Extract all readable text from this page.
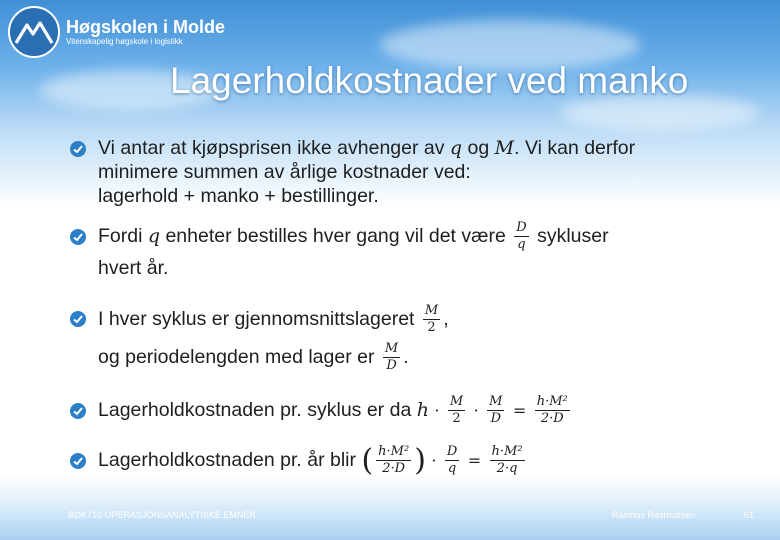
Høgskolen i Molde
Vitenskapelig høgskole i logistikk
Lagerholdkostnader ved manko
Vi antar at kjøpsprisen ikke avhenger av q og M. Vi kan derfor
minimere summen av årlige kostnader ved:
lagerhold + manko + bestillinger.
Fordi q enheter bestilles hver gang vil det være $\frac{D}{q}$ sykluser
hvert år.
I hver syklus er gjennomsnittslageret $\frac{M}{2}$ ,
og periodelengden med lager er $\frac{M}{D}$ .
Lagerholdkostnaden pr. syklus er da $h \cdot \frac{M}{2} \cdot \frac{M}{D} = \frac{\text{h·M²}}{2\cdot D}$
Lagerholdkostnaden pr. år blir ( $\frac{\text{h·M²}}{2\cdot D}$ ) · $\frac{D}{q} = \frac{\text{h·M²}}{2\cdot q}$
BØK710 OPERASJONSANALYTISKE EMNER	Rasmus Rasmussen	61
